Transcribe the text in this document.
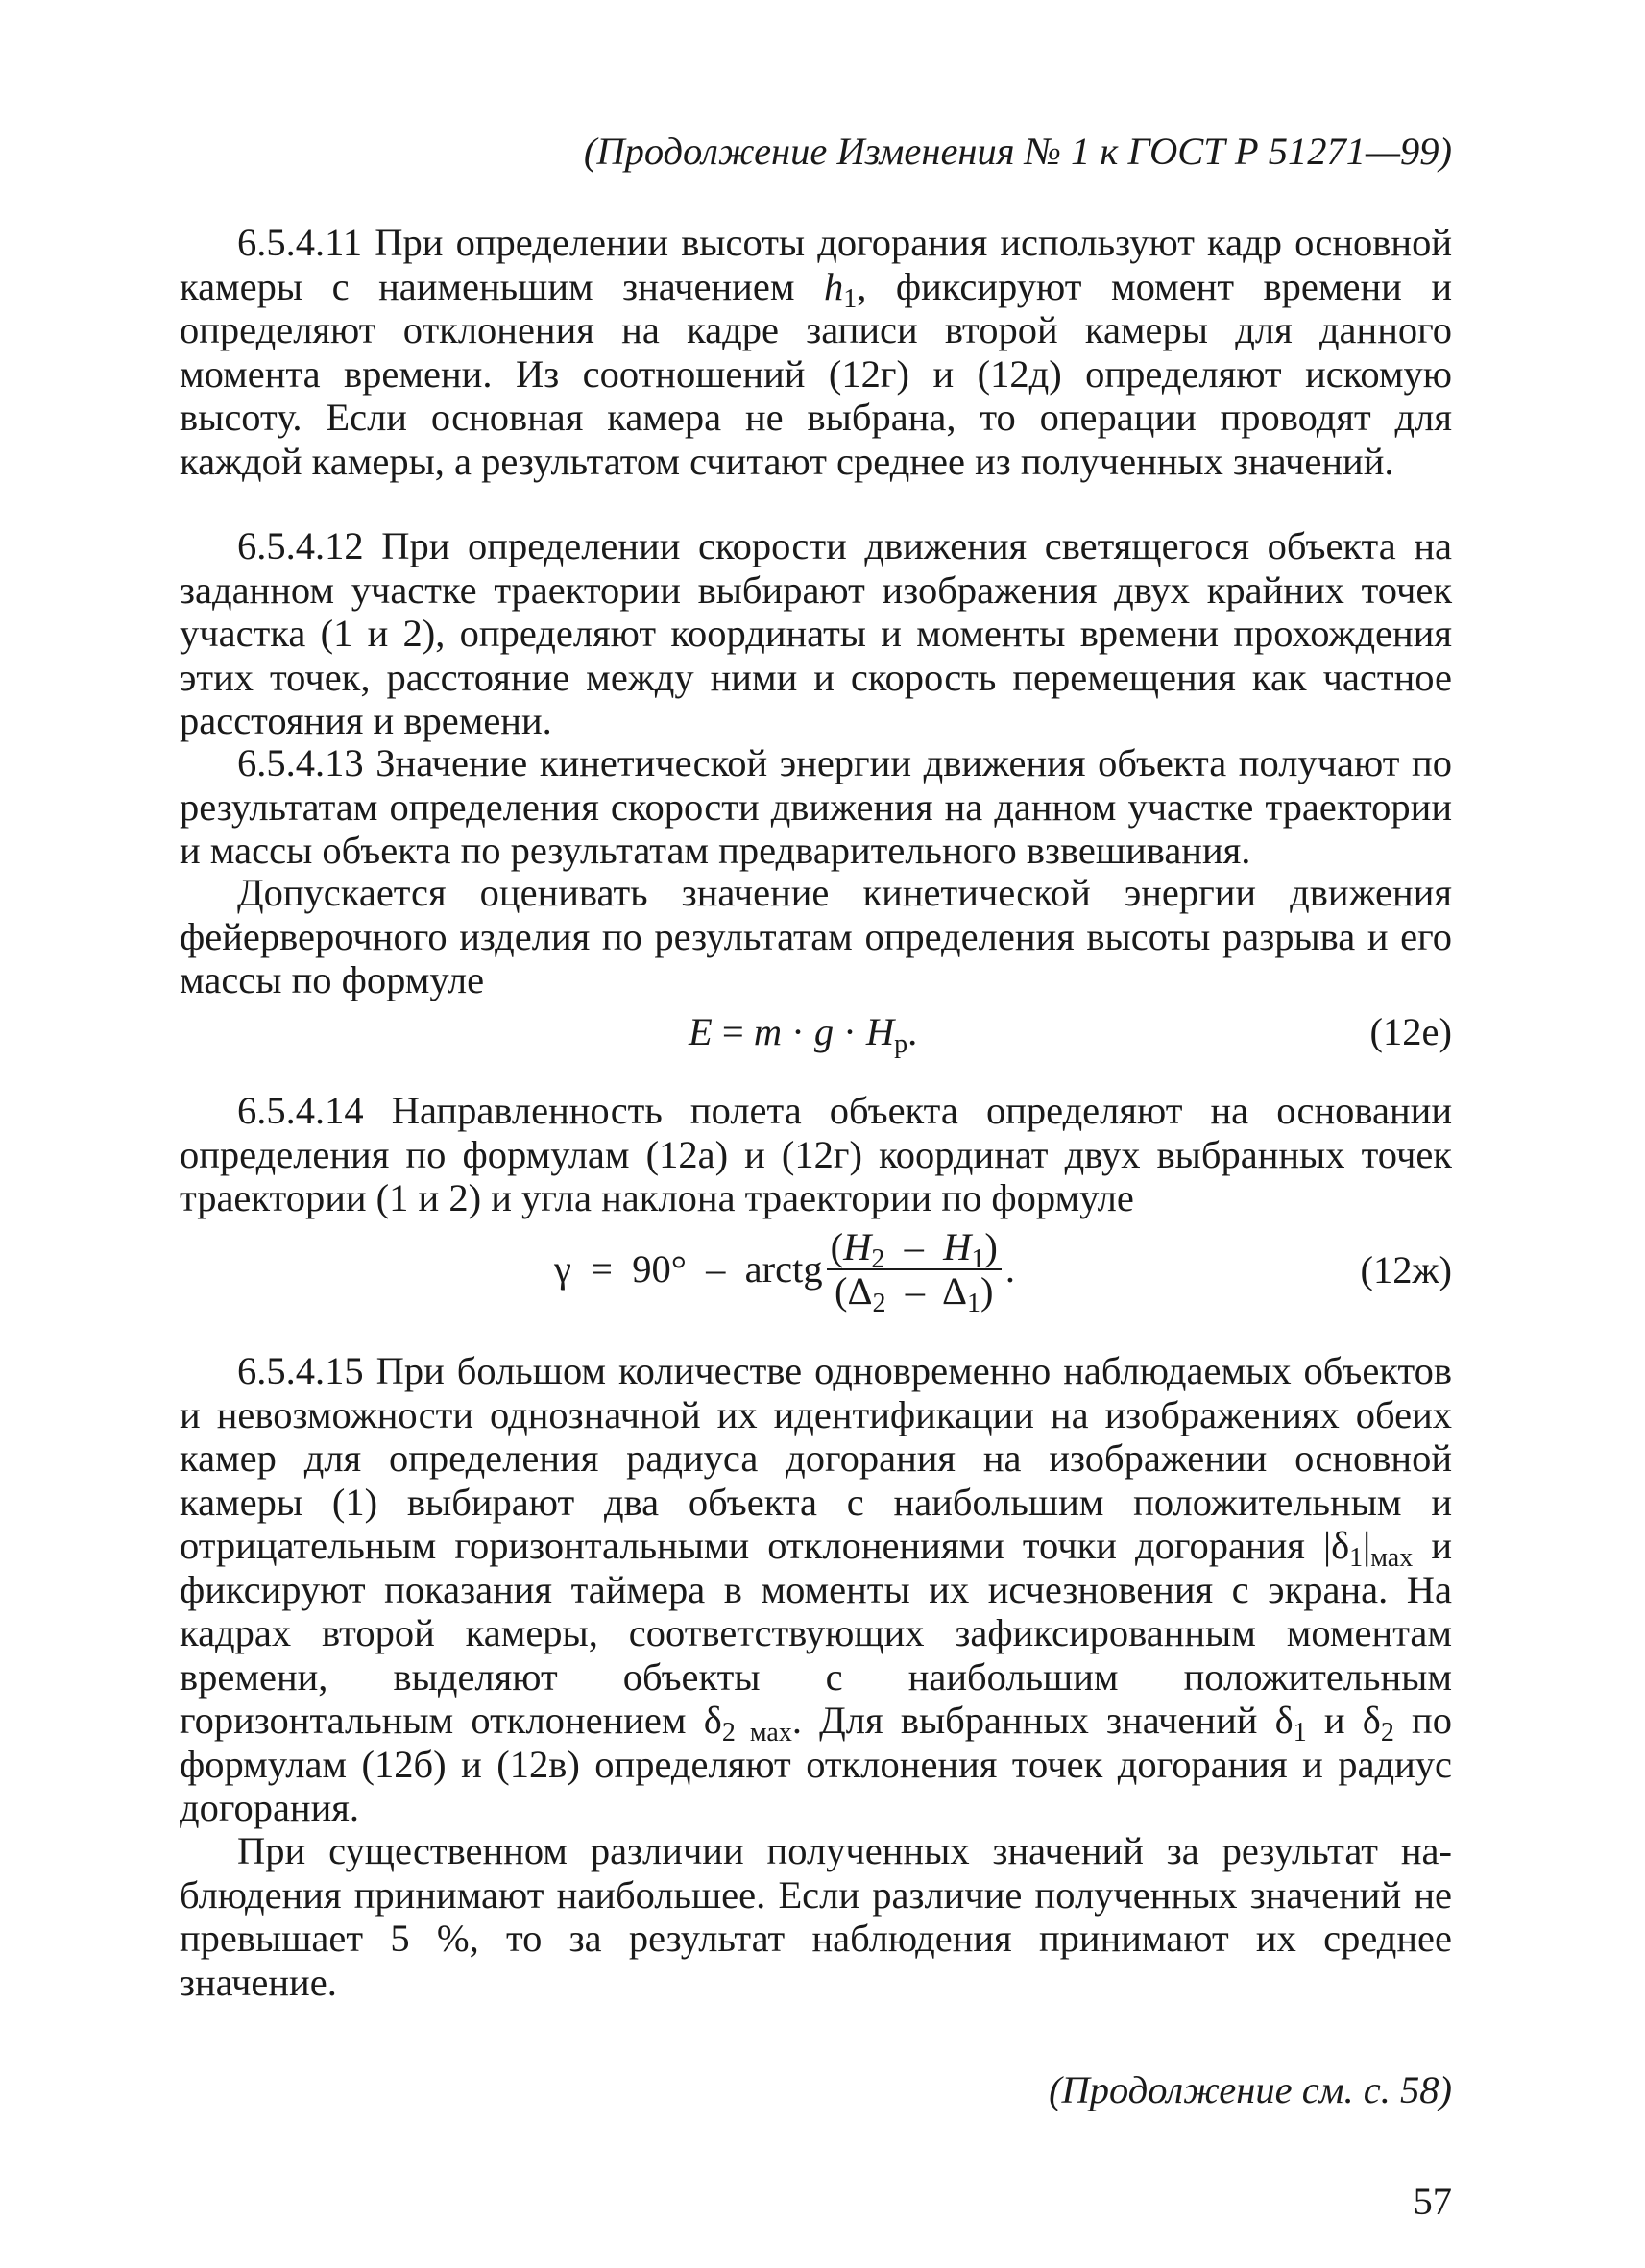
(Продолжение Изменения № 1 к ГОСТ Р 51271—99)

6.5.4.11 При определении высоты догорания используют кадр основной камеры с наименьшим значением $h_1$, фиксируют момент времени и определяют отклонения на кадре записи второй камеры для данного момента времени. Из соотношений (12г) и (12д) определяют искомую высоту. Если основная камера не выбрана, то операции проводят для каждой камеры, а результатом считают среднее из полученных значений.

6.5.4.12 При определении скорости движения светящегося объекта на заданном участке траектории выбирают изображения двух крайних точек участка (1 и 2), определяют координаты и моменты времени прохождения этих точек, расстояние между ними и скорость перемещения как частное расстояния и времени.

6.5.4.13 Значение кинетической энергии движения объекта получают по результатам определения скорости движения на данном участке траектории и массы объекта по результатам предварительного взвешивания.

Допускается оценивать значение кинетической энергии движения фейерверочного изделия по результатам определения высоты разрыва и его массы по формуле

$E = m \cdot g \cdot H_р$.	(12е)

6.5.4.14 Направленность полета объекта определяют на основании определения по формулам (12а) и (12г) координат двух выбранных точек траектории (1 и 2) и угла наклона траектории по формуле

γ  =  90°  –  arctg $\frac{(H_2 - H_1)}{(\Delta_2 - \Delta_1)}$ .	(12ж)

6.5.4.15 При большом количестве одновременно наблюдаемых объектов и невозможности однозначной их идентификации на изображениях обеих камер для определения радиуса догорания на изображении основной камеры (1) выбирают два объекта с наибольшим положительным и отрицательным горизонтальными отклонениями точки догорания $|\delta_1|_{мах}$ и фиксируют показания таймера в моменты их исчезновения с экрана. На кадрах второй камеры, соответствующих зафиксированным моментам времени, выделяют объекты с наибольшим положительным горизонтальным отклонением $\delta_{2 мах}$. Для выбранных значений $\delta_1$ и $\delta_2$ по формулам (12б) и (12в) определяют отклонения точек догорания и радиус догорания.

При существенном различии полученных значений за результат наблюдения принимают наибольшее. Если различие полученных значений не превышает 5 %, то за результат наблюдения принимают их среднее значение.

(Продолжение см. с. 58)
57
